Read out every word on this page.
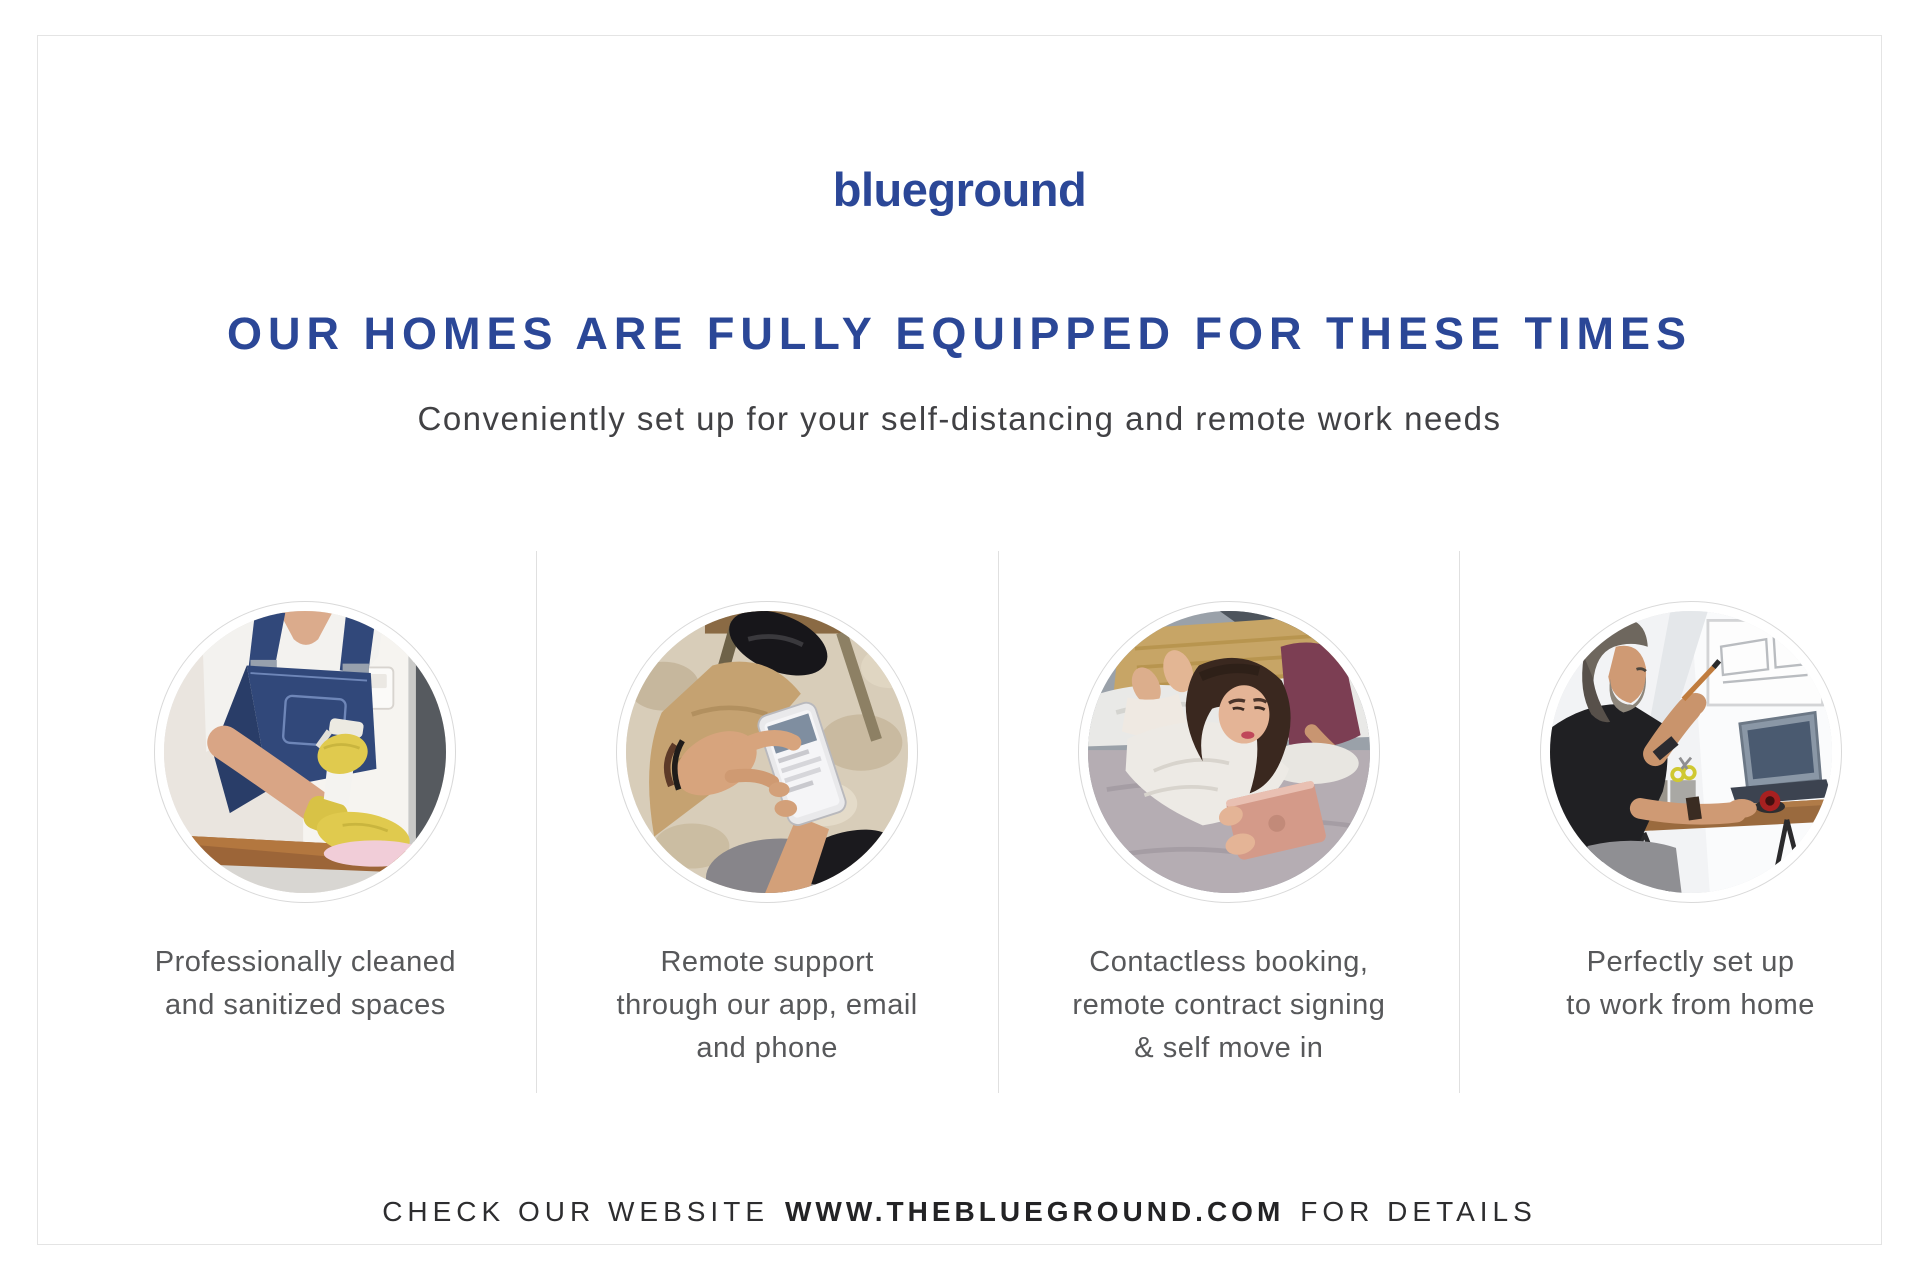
blueground
OUR HOMES ARE FULLY EQUIPPED FOR THESE TIMES
Conveniently set up for your self-distancing and remote work needs
Professionally cleaned
and sanitized spaces
Remote support
through our app, email
and phone
Contactless booking,
remote contract signing
& self move in
Perfectly set up
to work from home
CHECK OUR WEBSITE WWW.THEBLUEGROUND.COM FOR DETAILS
